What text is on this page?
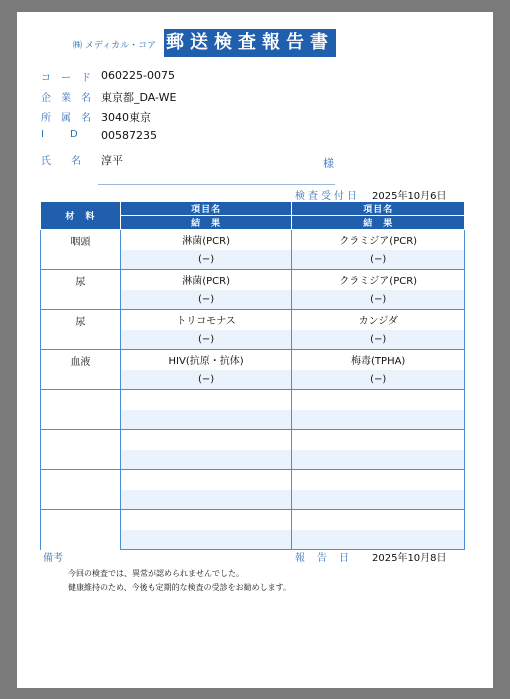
㈱ メディカル・コア 郵送検査報告書
コード 060225-0075
企業名 東京都_DA-WE
所属名 3040東京
ID
00587235
氏名 淳平	様
検査受付日 2025年10月6日
材　料	項目名	項目名
	結　果	結　果
咽頭	淋菌(PCR)	クラミジア(PCR)
	(−)	(−)
尿	淋菌(PCR)	クラミジア(PCR)
	(−)	(−)
尿	トリコモナス	カンジダ
	(−)	(−)
血液	HIV(抗原・抗体)	梅毒(TPHA)
	(−)	(−)

備考	報告日 2025年10月8日
今回の検査では、異常が認められませんでした。
健康維持のため、今後も定期的な検査の受診をお勧めします。
